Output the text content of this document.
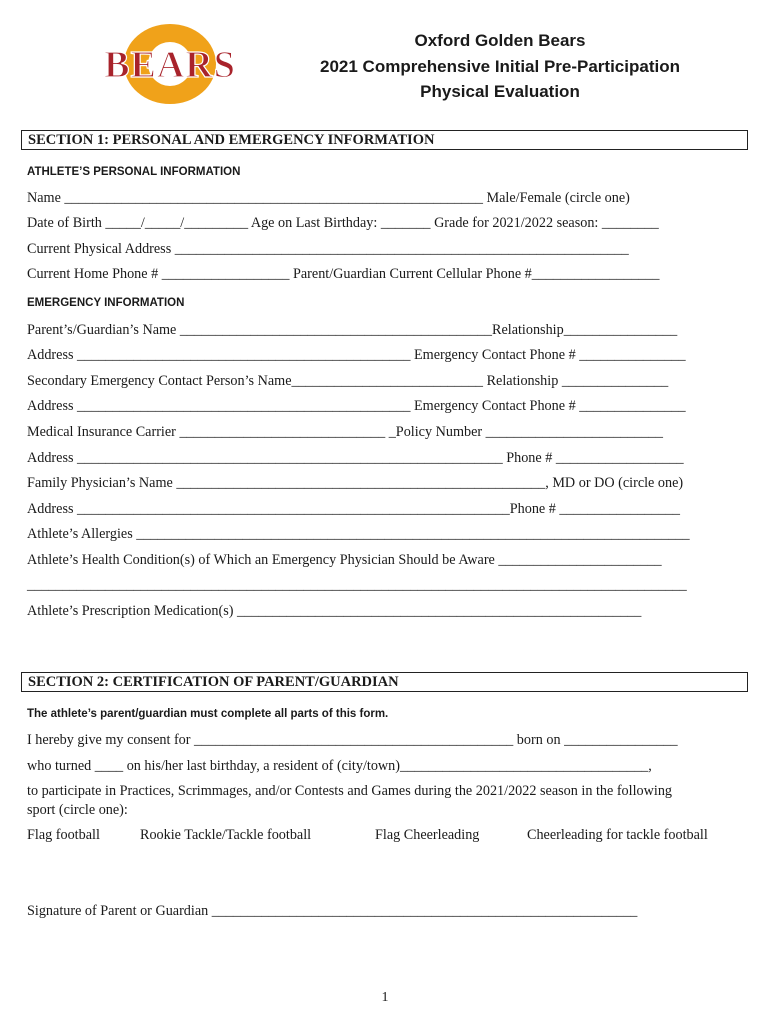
BEARS
Oxford Golden Bears
2021 Comprehensive Initial Pre-Participation
Physical Evaluation
SECTION 1: PERSONAL AND EMERGENCY INFORMATION
ATHLETE’S PERSONAL INFORMATION
Name ___________________________________________________________ Male/Female (circle one)
Date of Birth _____/_____/_________ Age on Last Birthday: _______ Grade for 2021/2022 season: ________
Current Physical Address ________________________________________________________________
Current Home Phone # __________________ Parent/Guardian Current Cellular Phone #__________________
EMERGENCY INFORMATION
Parent’s/Guardian’s Name ____________________________________________Relationship________________
Address _______________________________________________ Emergency Contact Phone # _______________
Secondary Emergency Contact Person’s Name___________________________ Relationship _______________
Address _______________________________________________ Emergency Contact Phone # _______________
Medical Insurance Carrier _____________________________ _Policy Number _________________________
Address ____________________________________________________________ Phone # __________________
Family Physician’s Name ____________________________________________________, MD or DO (circle one)
Address _____________________________________________________________Phone # _________________
Athlete’s Allergies ______________________________________________________________________________
Athlete’s Health Condition(s) of Which an Emergency Physician Should be Aware _______________________
_____________________________________________________________________________________________
Athlete’s Prescription Medication(s) _________________________________________________________
SECTION 2: CERTIFICATION OF PARENT/GUARDIAN
The athlete’s parent/guardian must complete all parts of this form.
I hereby give my consent for _____________________________________________ born on ________________
who turned ____ on his/her last birthday, a resident of (city/town)___________________________________,
to participate in Practices, Scrimmages, and/or Contests and Games during the 2021/2022 season in the following
sport (circle one):
Flag football	Rookie Tackle/Tackle football	Flag Cheerleading	Cheerleading for tackle football
Signature of Parent or Guardian ____________________________________________________________
1
